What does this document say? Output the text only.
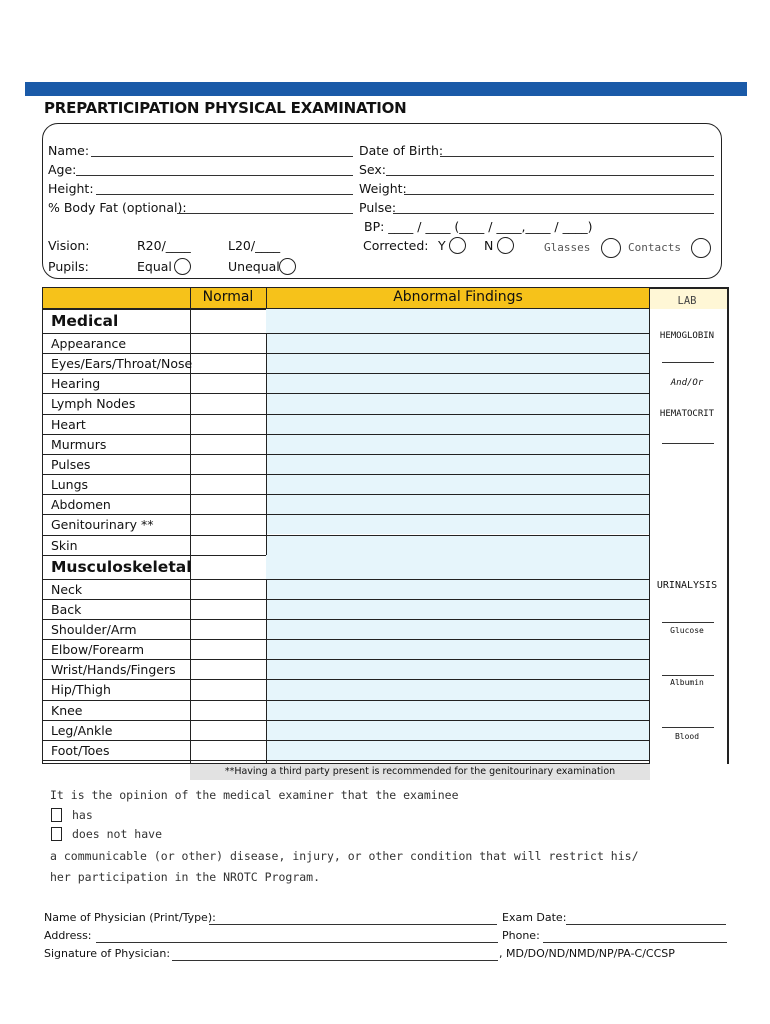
PREPARTICIPATION PHYSICAL EXAMINATION
Name:	Date of Birth:
Age:	Sex:
Height:	Weight:
% Body Fat (optional):	Pulse:
BP: ____ / ____ (____ / ____,____ / ____)
Vision:	R20/____	L20/____	Corrected: Y	N	Glasses	Contacts
Pupils:	Equal	Unequal
Normal	Abnormal Findings
Medical
Appearance
Eyes/Ears/Throat/Nose
Hearing
Lymph Nodes
Heart
Murmurs
Pulses
Lungs
Abdomen
Genitourinary **
Skin
Musculoskeletal
Neck
Back
Shoulder/Arm
Elbow/Forearm
Wrist/Hands/Fingers
Hip/Thigh
Knee
Leg/Ankle
Foot/Toes
LAB
HEMOGLOBIN
And/Or
HEMATOCRIT
URINALYSIS
Glucose
Albumin
Blood
**Having a third party present is recommended for the genitourinary examination
It is the opinion of the medical examiner that the examinee
has
does not have
a communicable (or other) disease, injury, or other condition that will restrict his/
her participation in the NROTC Program.
Name of Physician (Print/Type):	Exam Date:
Address:	Phone:
Signature of Physician:	, MD/DO/ND/NMD/NP/PA-C/CCSP
